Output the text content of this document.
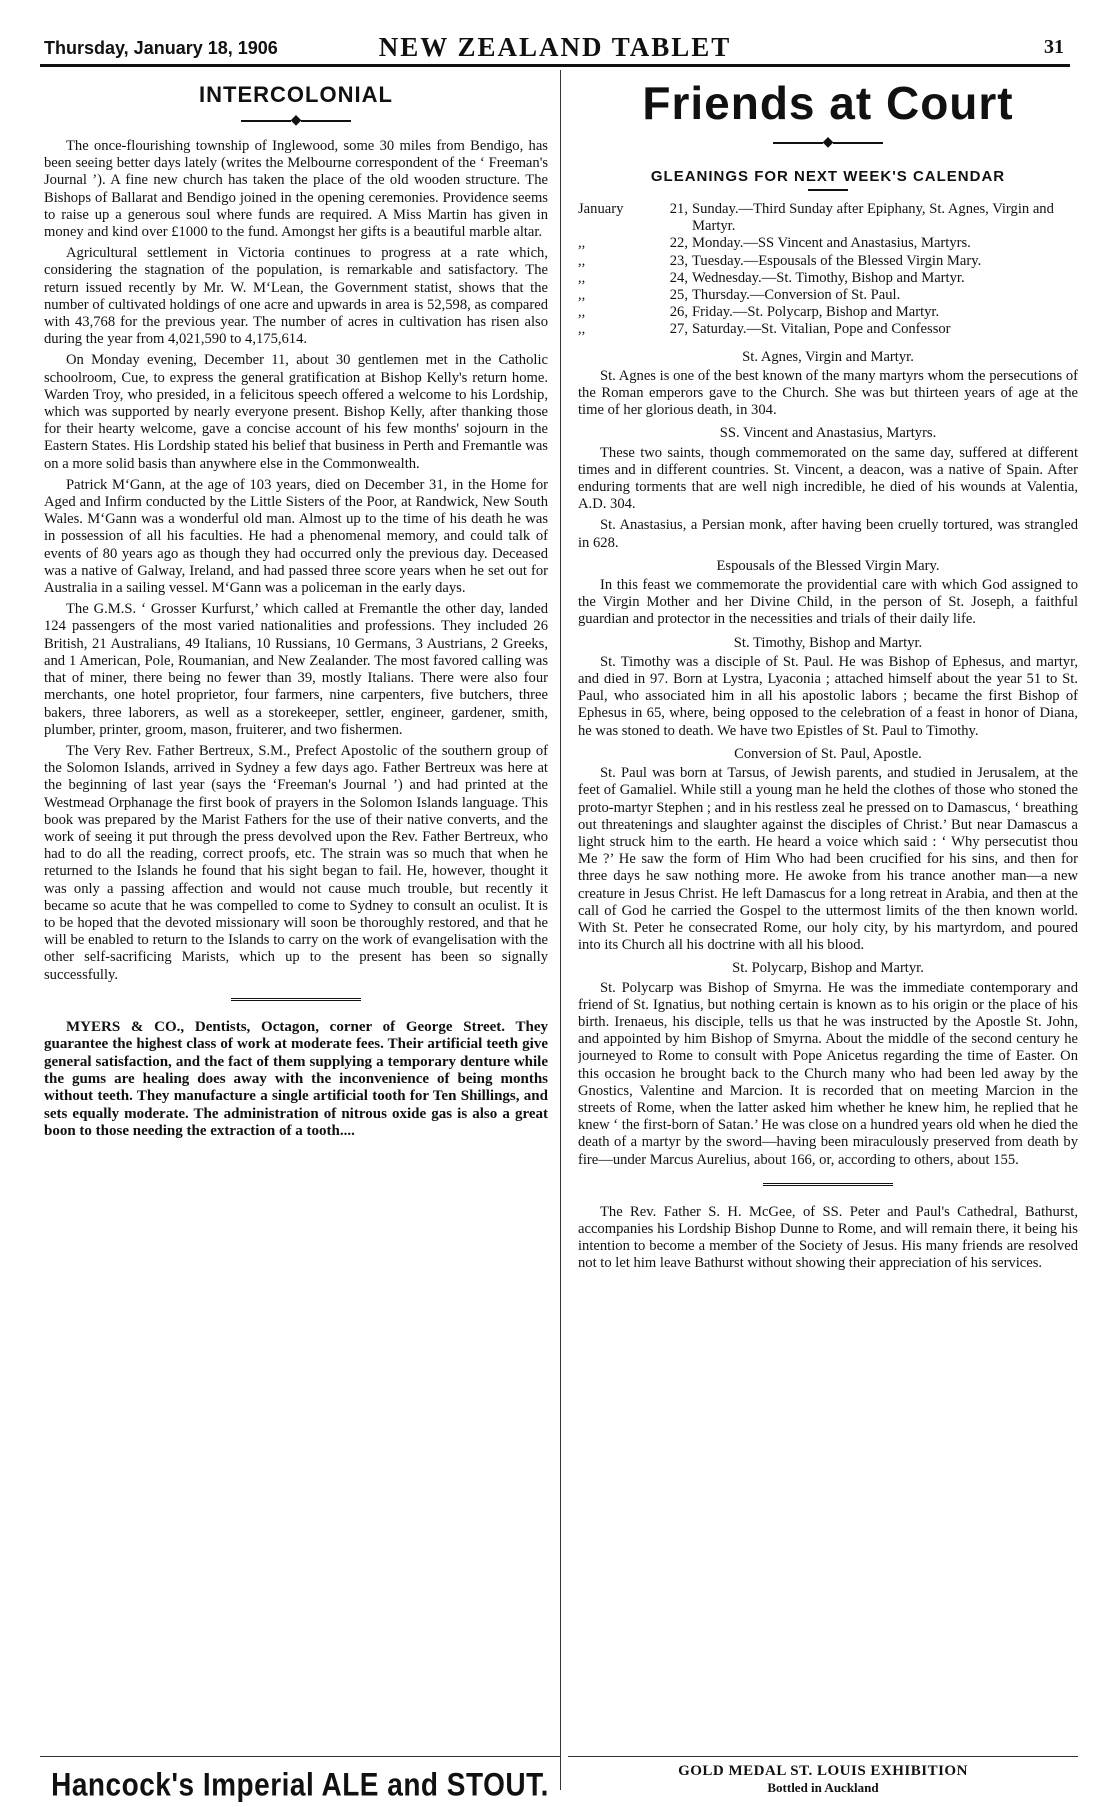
Thursday, January 18, 1906	NEW ZEALAND TABLET	31
INTERCOLONIAL
◆

The once-flourishing township of Inglewood, some 30 miles from Bendigo, has been seeing better days lately (writes the Melbourne correspondent of the ‘ Freeman's Journal ’). A fine new church has taken the place of the old wooden structure. The Bishops of Ballarat and Bendigo joined in the opening ceremonies. Providence seems to raise up a generous soul where funds are required. A Miss Martin has given in money and kind over £1000 to the fund. Amongst her gifts is a beautiful marble altar.

Agricultural settlement in Victoria continues to progress at a rate which, considering the stagnation of the population, is remarkable and satisfactory. The return issued recently by Mr. W. M‘Lean, the Government statist, shows that the number of cultivated holdings of one acre and upwards in area is 52,598, as compared with 43,768 for the previous year. The number of acres in cultivation has risen also during the year from 4,021,590 to 4,175,614.

On Monday evening, December 11, about 30 gentlemen met in the Catholic schoolroom, Cue, to express the general gratification at Bishop Kelly's return home. Warden Troy, who presided, in a felicitous speech offered a welcome to his Lordship, which was supported by nearly everyone present. Bishop Kelly, after thanking those for their hearty welcome, gave a concise account of his few months' sojourn in the Eastern States. His Lordship stated his belief that business in Perth and Fremantle was on a more solid basis than anywhere else in the Commonwealth.

Patrick M‘Gann, at the age of 103 years, died on December 31, in the Home for Aged and Infirm conducted by the Little Sisters of the Poor, at Randwick, New South Wales. M‘Gann was a wonderful old man. Almost up to the time of his death he was in possession of all his faculties. He had a phenomenal memory, and could talk of events of 80 years ago as though they had occurred only the previous day. Deceased was a native of Galway, Ireland, and had passed three score years when he set out for Australia in a sailing vessel. M‘Gann was a policeman in the early days.

The G.M.S. ‘ Grosser Kurfurst,’ which called at Fremantle the other day, landed 124 passengers of the most varied nationalities and professions. They included 26 British, 21 Australians, 49 Italians, 10 Russians, 10 Germans, 3 Austrians, 2 Greeks, and 1 American, Pole, Roumanian, and New Zealander. The most favored calling was that of miner, there being no fewer than 39, mostly Italians. There were also four merchants, one hotel proprietor, four farmers, nine carpenters, five butchers, three bakers, three laborers, as well as a storekeeper, settler, engineer, gardener, smith, plumber, printer, groom, mason, fruiterer, and two fishermen.

The Very Rev. Father Bertreux, S.M., Prefect Apostolic of the southern group of the Solomon Islands, arrived in Sydney a few days ago. Father Bertreux was here at the beginning of last year (says the ‘Freeman's Journal ’) and had printed at the Westmead Orphanage the first book of prayers in the Solomon Islands language. This book was prepared by the Marist Fathers for the use of their native converts, and the work of seeing it put through the press devolved upon the Rev. Father Bertreux, who had to do all the reading, correct proofs, etc. The strain was so much that when he returned to the Islands he found that his sight began to fail. He, however, thought it was only a passing affection and would not cause much trouble, but recently it became so acute that he was compelled to come to Sydney to consult an oculist. It is to be hoped that the devoted missionary will soon be thoroughly restored, and that he will be enabled to return to the Islands to carry on the work of evangelisation with the other self-sacrificing Marists, which up to the present has been so signally successfully.

MYERS & CO., Dentists, Octagon, corner of George Street. They guarantee the highest class of work at moderate fees. Their artificial teeth give general satisfaction, and the fact of them supplying a temporary denture while the gums are healing does away with the inconvenience of being months without teeth. They manufacture a single artificial tooth for Ten Shillings, and sets equally moderate. The administration of nitrous oxide gas is also a great boon to those needing the extraction of a tooth....

Friends at Court
◆
GLEANINGS FOR NEXT WEEK'S CALENDAR
January	21, Sunday.—Third Sunday after Epiphany, St. Agnes, Virgin and Martyr.
,,	22, Monday.—SS Vincent and Anastasius, Martyrs.
,,	23, Tuesday.—Espousals of the Blessed Virgin Mary.
,,	24, Wednesday.—St. Timothy, Bishop and Martyr.
,,	25, Thursday.—Conversion of St. Paul.
,,	26, Friday.—St. Polycarp, Bishop and Martyr.
,,	27, Saturday.—St. Vitalian, Pope and Confessor
St. Agnes, Virgin and Martyr.

St. Agnes is one of the best known of the many martyrs whom the persecutions of the Roman emperors gave to the Church. She was but thirteen years of age at the time of her glorious death, in 304.

SS. Vincent and Anastasius, Martyrs.

These two saints, though commemorated on the same day, suffered at different times and in different countries. St. Vincent, a deacon, was a native of Spain. After enduring torments that are well nigh incredible, he died of his wounds at Valentia, A.D. 304.

St. Anastasius, a Persian monk, after having been cruelly tortured, was strangled in 628.

Espousals of the Blessed Virgin Mary.

In this feast we commemorate the providential care with which God assigned to the Virgin Mother and her Divine Child, in the person of St. Joseph, a faithful guardian and protector in the necessities and trials of their daily life.

St. Timothy, Bishop and Martyr.

St. Timothy was a disciple of St. Paul. He was Bishop of Ephesus, and martyr, and died in 97. Born at Lystra, Lyaconia ; attached himself about the year 51 to St. Paul, who associated him in all his apostolic labors ; became the first Bishop of Ephesus in 65, where, being opposed to the celebration of a feast in honor of Diana, he was stoned to death. We have two Epistles of St. Paul to Timothy.

Conversion of St. Paul, Apostle.

St. Paul was born at Tarsus, of Jewish parents, and studied in Jerusalem, at the feet of Gamaliel. While still a young man he held the clothes of those who stoned the proto-martyr Stephen ; and in his restless zeal he pressed on to Damascus, ‘ breathing out threatenings and slaughter against the disciples of Christ.’ But near Damascus a light struck him to the earth. He heard a voice which said : ‘ Why persecutist thou Me ?’ He saw the form of Him Who had been crucified for his sins, and then for three days he saw nothing more. He awoke from his trance another man—a new creature in Jesus Christ. He left Damascus for a long retreat in Arabia, and then at the call of God he carried the Gospel to the uttermost limits of the then known world. With St. Peter he consecrated Rome, our holy city, by his martyrdom, and poured into its Church all his doctrine with all his blood.

St. Polycarp, Bishop and Martyr.

St. Polycarp was Bishop of Smyrna. He was the immediate contemporary and friend of St. Ignatius, but nothing certain is known as to his origin or the place of his birth. Irenaeus, his disciple, tells us that he was instructed by the Apostle St. John, and appointed by him Bishop of Smyrna. About the middle of the second century he journeyed to Rome to consult with Pope Anicetus regarding the time of Easter. On this occasion he brought back to the Church many who had been led away by the Gnostics, Valentine and Marcion. It is recorded that on meeting Marcion in the streets of Rome, when the latter asked him whether he knew him, he replied that he knew ‘ the first-born of Satan.’ He was close on a hundred years old when he died the death of a martyr by the sword—having been miraculously preserved from death by fire—under Marcus Aurelius, about 166, or, according to others, about 155.

The Rev. Father S. H. McGee, of SS. Peter and Paul's Cathedral, Bathurst, accompanies his Lordship Bishop Dunne to Rome, and will remain there, it being his intention to become a member of the Society of Jesus. His many friends are resolved not to let him leave Bathurst without showing their appreciation of his services.

Hancock's Imperial ALE and STOUT.	GOLD MEDAL ST. LOUIS EXHIBITION
Bottled in Auckland
